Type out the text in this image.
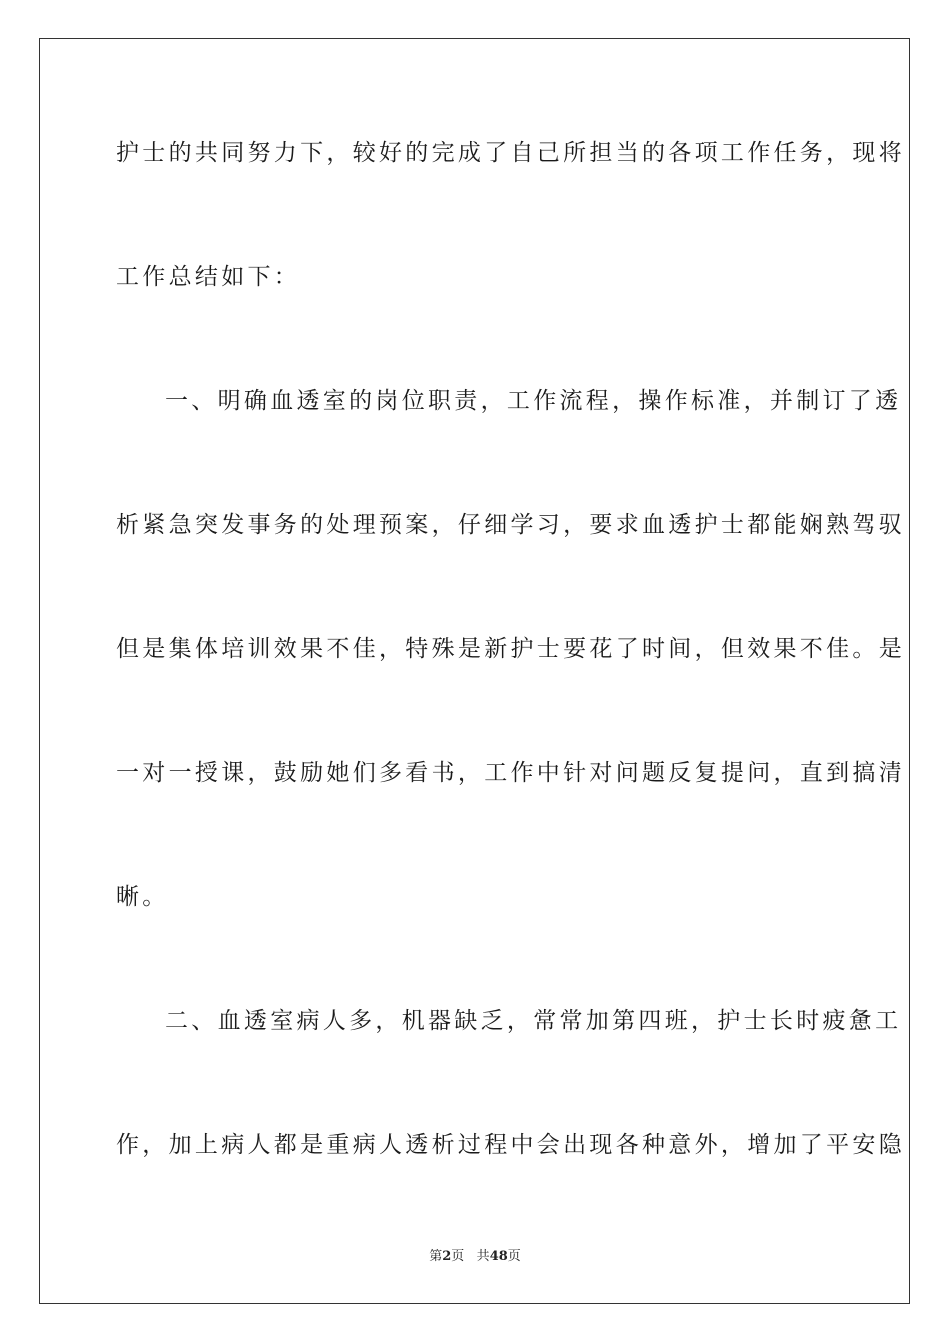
护士的共同努力下，较好的完成了自己所担当的各项工作任务，现将
工作总结如下：
一、明确血透室的岗位职责，工作流程，操作标准，并制订了透
析紧急突发事务的处理预案，仔细学习，要求血透护士都能娴熟驾驭
但是集体培训效果不佳，特殊是新护士要花了时间，但效果不佳。是
一对一授课，鼓励她们多看书，工作中针对问题反复提问，直到搞清
晰。
二、血透室病人多，机器缺乏，常常加第四班，护士长时疲惫工
作，加上病人都是重病人透析过程中会出现各种意外，增加了平安隐
第2页 共48页
